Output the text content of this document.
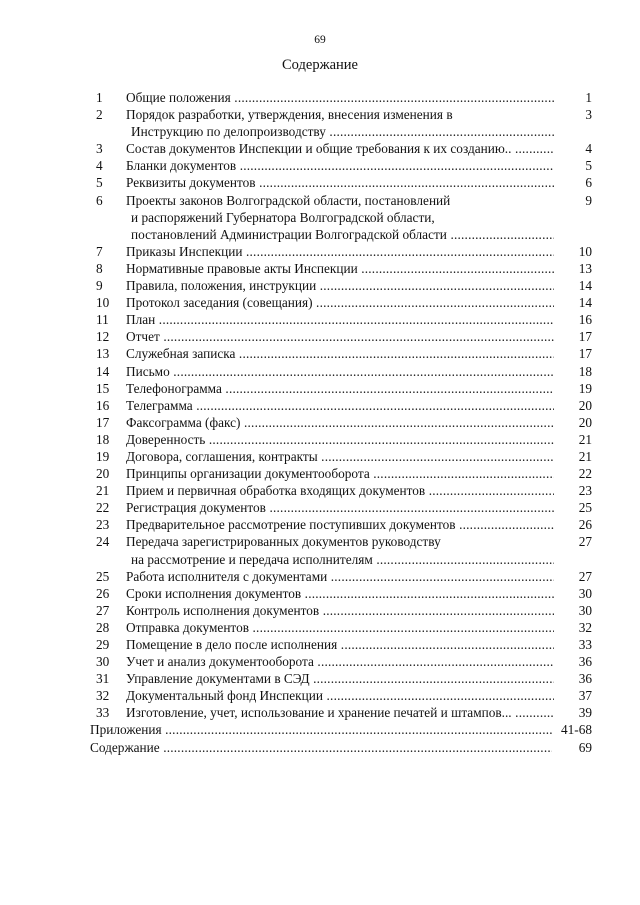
69
Содержание
1	Общие положения .....	1
2	Порядок разработки, утверждения, внесения изменения в	3
Инструкцию по делопроизводству .....
3	Состав документов Инспекции и общие требования к их созданию.. .....	4
4	Бланки документов .....	5
5	Реквизиты документов .....	6
6	Проекты законов Волгоградской области, постановлений	9
и распоряжений Губернатора Волгоградской области,
постановлений Администрации Волгоградской области .....
7	Приказы Инспекции .....	10
8	Нормативные правовые акты Инспекции .....	13
9	Правила, положения, инструкции .....	14
10	Протокол заседания (совещания) .....	14
11	План .....	16
12	Отчет .....	17
13	Служебная записка .....	17
14	Письмо .....	18
15	Телефонограмма .....	19
16	Телеграмма .....	20
17	Факсограмма (факс) .....	20
18	Доверенность .....	21
19	Договора, соглашения, контракты .....	21
20	Принципы организации документооборота .....	22
21	Прием и первичная обработка входящих документов .....	23
22	Регистрация документов .....	25
23	Предварительное рассмотрение поступивших документов .....	26
24	Передача зарегистрированных документов руководству	27
на рассмотрение и передача исполнителям .....
25	Работа исполнителя с документами .....	27
26	Сроки исполнения документов .....	30
27	Контроль исполнения документов .....	30
28	Отправка документов .....	32
29	Помещение в дело после исполнения .....	33
30	Учет и анализ документооборота .....	36
31	Управление документами в СЭД .....	36
32	Документальный фонд Инспекции .....	37
33	Изготовление, учет, использование и хранение печатей и штампов... .....	39
Приложения .....	41-68
Содержание .....	69
